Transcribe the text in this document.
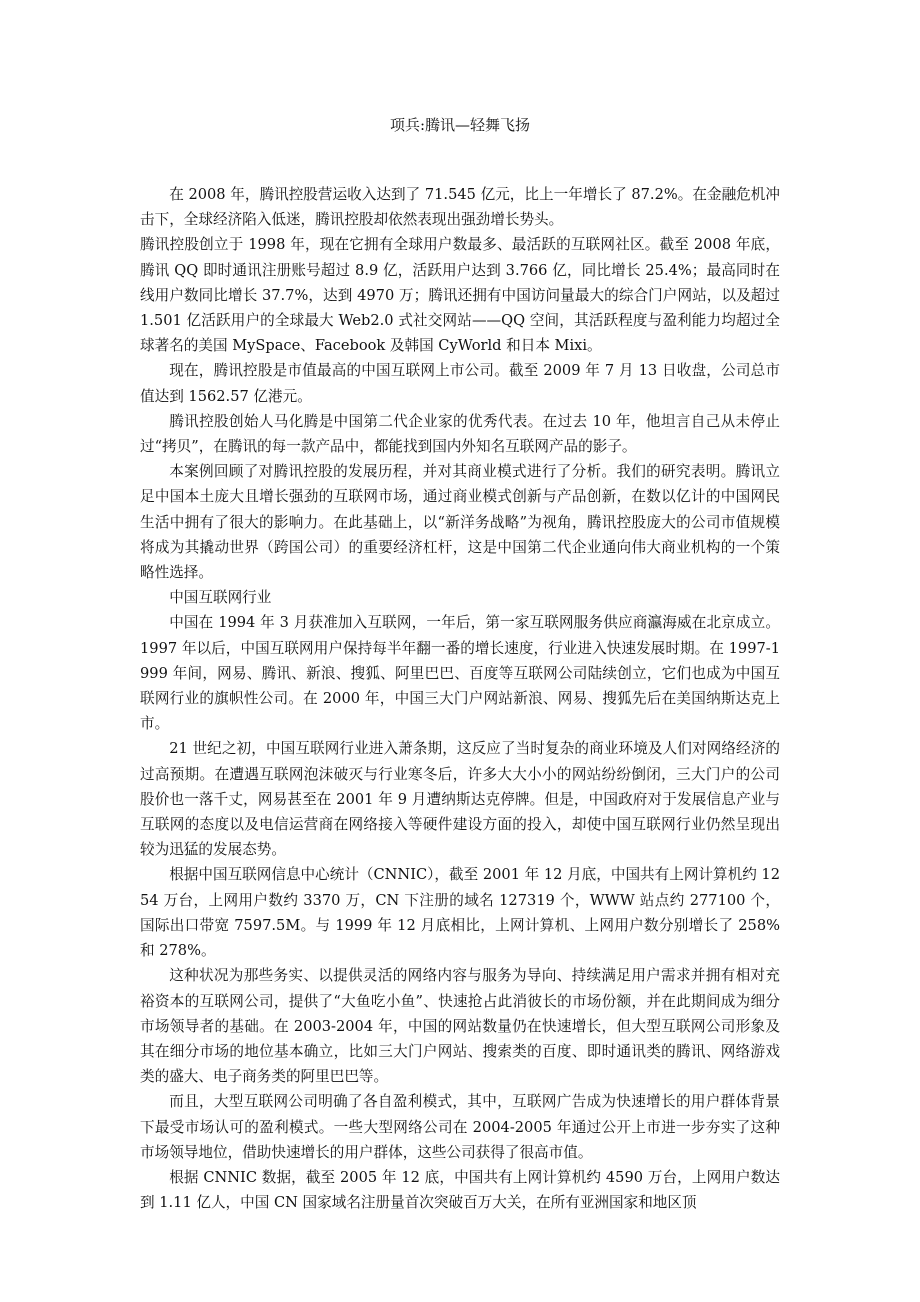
项兵:腾讯—轻舞飞扬

在 2008 年，腾讯控股营运收入达到了 71.545 亿元，比上一年增长了 87.2%。在金融危机冲击下，全球经济陷入低迷，腾讯控股却依然表现出强劲增长势头。

腾讯控股创立于 1998 年，现在它拥有全球用户数最多、最活跃的互联网社区。截至 2008 年底，腾讯 QQ 即时通讯注册账号超过 8.9 亿，活跃用户达到 3.766 亿，同比增长 25.4%；最高同时在线用户数同比增长 37.7%，达到 4970 万；腾讯还拥有中国访问量最大的综合门户网站，以及超过 1.501 亿活跃用户的全球最大 Web2.0 式社交网站——QQ 空间，其活跃程度与盈利能力均超过全球著名的美国 MySpace、Facebook 及韩国 CyWorld 和日本 Mixi。

现在，腾讯控股是市值最高的中国互联网上市公司。截至 2009 年 7 月 13 日收盘，公司总市值达到 1562.57 亿港元。

腾讯控股创始人马化腾是中国第二代企业家的优秀代表。在过去 10 年，他坦言自己从未停止过“拷贝”，在腾讯的每一款产品中，都能找到国内外知名互联网产品的影子。

本案例回顾了对腾讯控股的发展历程，并对其商业模式进行了分析。我们的研究表明。腾讯立足中国本土庞大且增长强劲的互联网市场，通过商业模式创新与产品创新，在数以亿计的中国网民生活中拥有了很大的影响力。在此基础上，以“新洋务战略”为视角，腾讯控股庞大的公司市值规模将成为其撬动世界（跨国公司）的重要经济杠杆，这是中国第二代企业通向伟大商业机构的一个策略性选择。

中国互联网行业

中国在 1994 年 3 月获准加入互联网，一年后，第一家互联网服务供应商瀛海威在北京成立。1997 年以后，中国互联网用户保持每半年翻一番的增长速度，行业进入快速发展时期。在 1997-1999 年间，网易、腾讯、新浪、搜狐、阿里巴巴、百度等互联网公司陆续创立，它们也成为中国互联网行业的旗帜性公司。在 2000 年，中国三大门户网站新浪、网易、搜狐先后在美国纳斯达克上市。

21 世纪之初，中国互联网行业进入萧条期，这反应了当时复杂的商业环境及人们对网络经济的过高预期。在遭遇互联网泡沫破灭与行业寒冬后，许多大大小小的网站纷纷倒闭，三大门户的公司股价也一落千丈，网易甚至在 2001 年 9 月遭纳斯达克停牌。但是，中国政府对于发展信息产业与互联网的态度以及电信运营商在网络接入等硬件建设方面的投入，却使中国互联网行业仍然呈现出较为迅猛的发展态势。

根据中国互联网信息中心统计（CNNIC），截至 2001 年 12 月底，中国共有上网计算机约 1254 万台，上网用户数约 3370 万，CN 下注册的域名 127319 个，WWW 站点约 277100 个，国际出口带宽 7597.5M。与 1999 年 12 月底相比，上网计算机、上网用户数分别增长了 258%和 278%。

这种状况为那些务实、以提供灵活的网络内容与服务为导向、持续满足用户需求并拥有相对充裕资本的互联网公司，提供了“大鱼吃小鱼”、快速抢占此消彼长的市场份额，并在此期间成为细分市场领导者的基础。在 2003-2004 年，中国的网站数量仍在快速增长，但大型互联网公司形象及其在细分市场的地位基本确立，比如三大门户网站、搜索类的百度、即时通讯类的腾讯、网络游戏类的盛大、电子商务类的阿里巴巴等。

而且，大型互联网公司明确了各自盈利模式，其中，互联网广告成为快速增长的用户群体背景下最受市场认可的盈利模式。一些大型网络公司在 2004-2005 年通过公开上市进一步夯实了这种市场领导地位，借助快速增长的用户群体，这些公司获得了很高市值。

根据 CNNIC 数据，截至 2005 年 12 底，中国共有上网计算机约 4590 万台，上网用户数达到 1.11 亿人，中国 CN 国家域名注册量首次突破百万大关，在所有亚洲国家和地区顶
